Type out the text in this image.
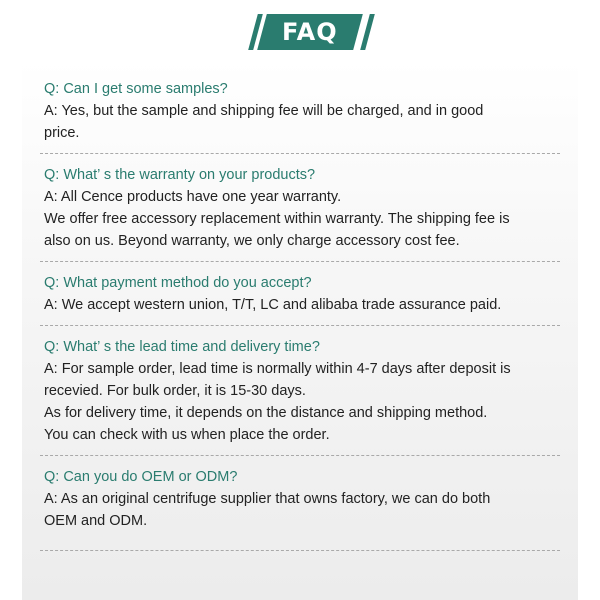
FAQ

Q: Can I get some samples?

A: Yes, but the sample and shipping fee will be charged, and in good

price.

Q: What’ s the warranty on your products?

A: All Cence products have one year warranty.

We offer free accessory replacement within warranty. The shipping fee is

also on us. Beyond warranty, we only charge accessory cost fee.

Q: What payment method do you accept?

A: We accept western union, T/T, LC and alibaba trade assurance paid.

Q: What’ s the lead time and delivery time?

A: For sample order, lead time is normally within 4-7 days after deposit is

recevied. For bulk order, it is 15-30 days.

As for delivery time, it depends on the distance and shipping method.

You can check with us when place the order.

Q: Can you do OEM or ODM?

A: As an original centrifuge supplier that owns factory, we can do both

OEM and ODM.
